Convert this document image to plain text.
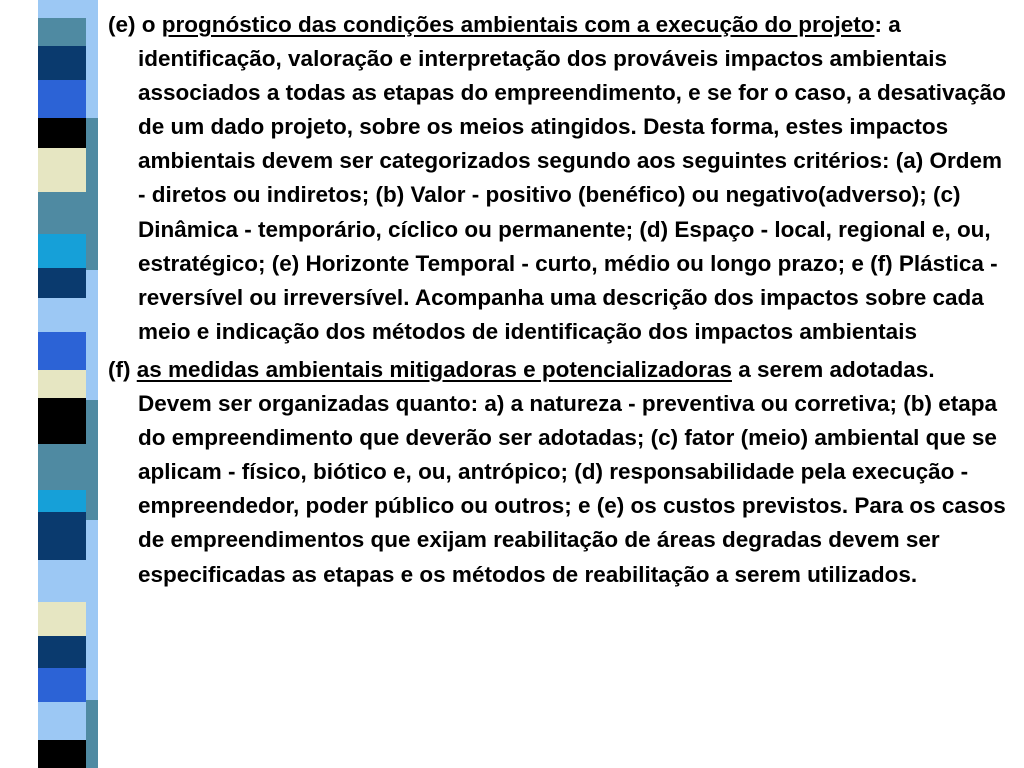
(e) o prognóstico das condições ambientais com a execução do projeto: a identificação, valoração e interpretação dos prováveis impactos ambientais associados a todas as etapas do empreendimento, e se for o caso, a desativação de um dado projeto, sobre os meios atingidos. Desta forma, estes impactos ambientais devem ser categorizados segundo aos seguintes critérios: (a) Ordem - diretos ou indiretos; (b) Valor - positivo (benéfico) ou negativo(adverso); (c) Dinâmica - temporário, cíclico ou permanente; (d) Espaço - local, regional e, ou, estratégico; (e) Horizonte Temporal - curto, médio ou longo prazo; e (f) Plástica - reversível ou irreversível. Acompanha uma descrição dos impactos sobre cada meio e indicação dos métodos de identificação dos impactos ambientais

(f) as medidas ambientais mitigadoras e potencializadoras a serem adotadas. Devem ser organizadas quanto: a) a natureza - preventiva ou corretiva; (b) etapa do empreendimento que deverão ser adotadas; (c) fator (meio) ambiental que se aplicam - físico, biótico e, ou, antrópico; (d) responsabilidade pela execução - empreendedor, poder público ou outros; e (e) os custos previstos. Para os casos de empreendimentos que exijam reabilitação de áreas degradas devem ser especificadas as etapas e os métodos de reabilitação a serem utilizados.
